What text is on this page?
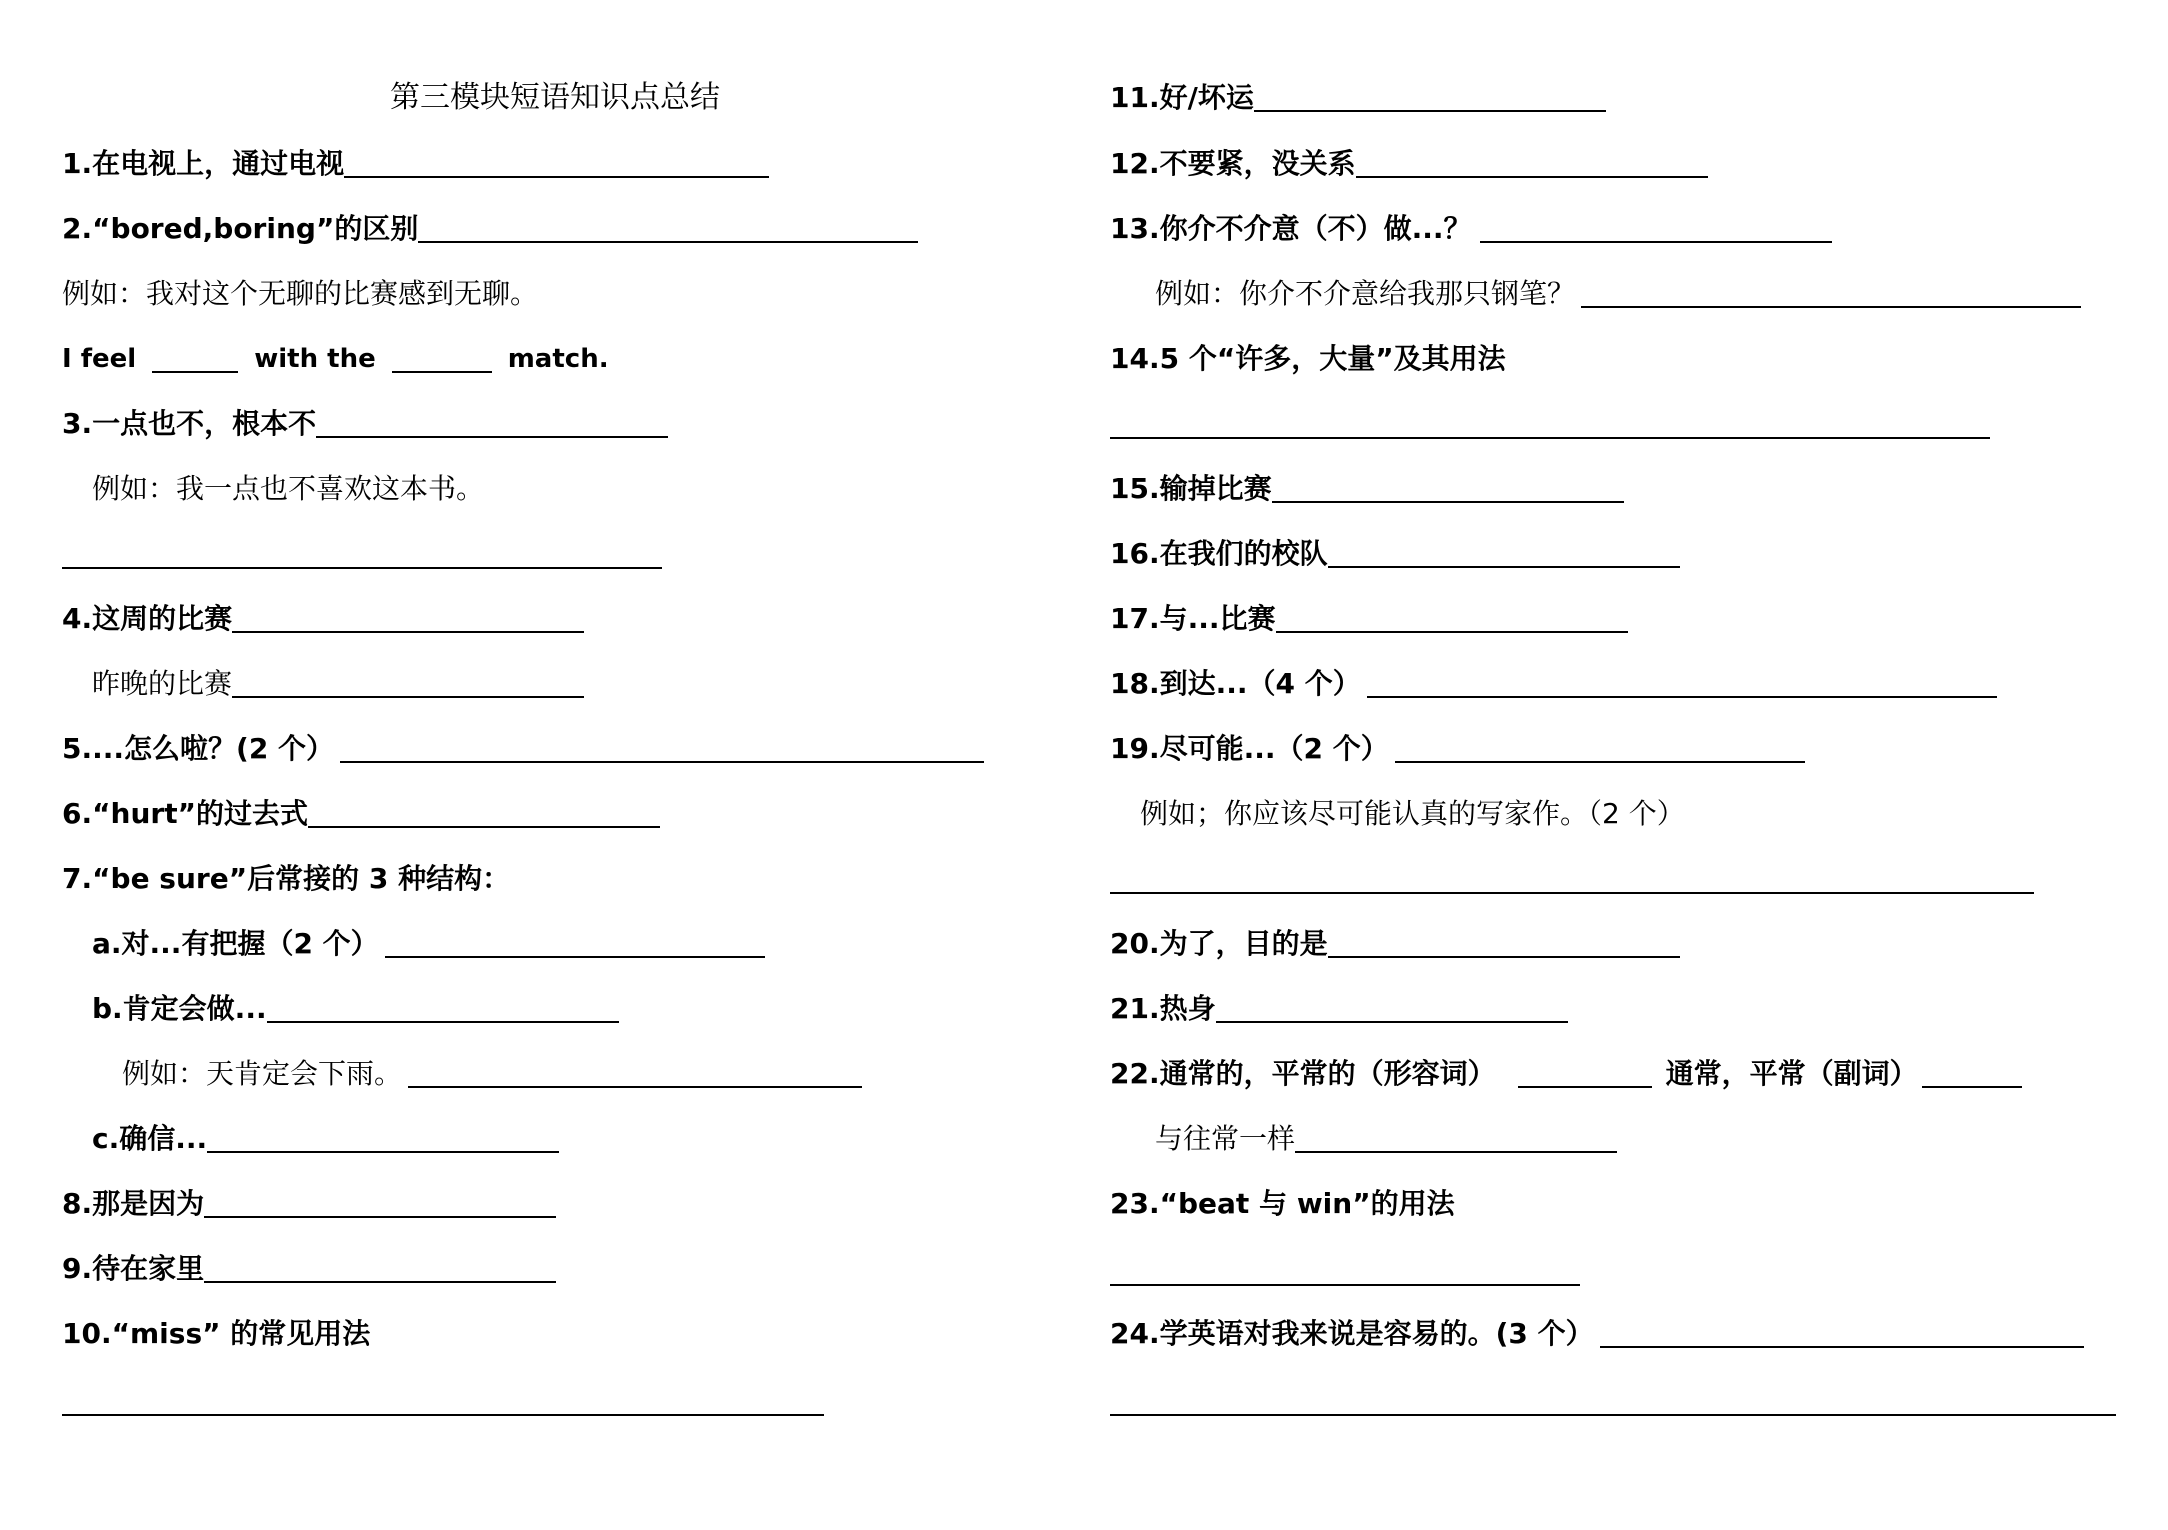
第三模块短语知识点总结
1.在电视上，通过电视
2.“bored,boring”的区别
例如：我对这个无聊的比赛感到无聊。
I feel	with the	match.
3.一点也不，根本不
例如：我一点也不喜欢这本书。
4.这周的比赛
昨晚的比赛
5....怎么啦？(2 个）
6.“hurt”的过去式
7.“be sure”后常接的 3 种结构：
a.对...有把握（2 个）
b.肯定会做...
例如：天肯定会下雨。
c.确信...
8.那是因为
9.待在家里
10.“miss” 的常见用法
11.好/坏运
12.不要紧，没关系
13.你介不介意（不）做...？
例如：你介不介意给我那只钢笔？
14.5 个“许多，大量”及其用法
15.输掉比赛
16.在我们的校队
17.与...比赛
18.到达...（4 个）
19.尽可能...（2 个）
例如；你应该尽可能认真的写家作。（2 个）
20.为了，目的是
21.热身
22.通常的，平常的（形容词）	通常，平常（副词）
与往常一样
23.“beat 与 win”的用法
24.学英语对我来说是容易的。(3 个）
